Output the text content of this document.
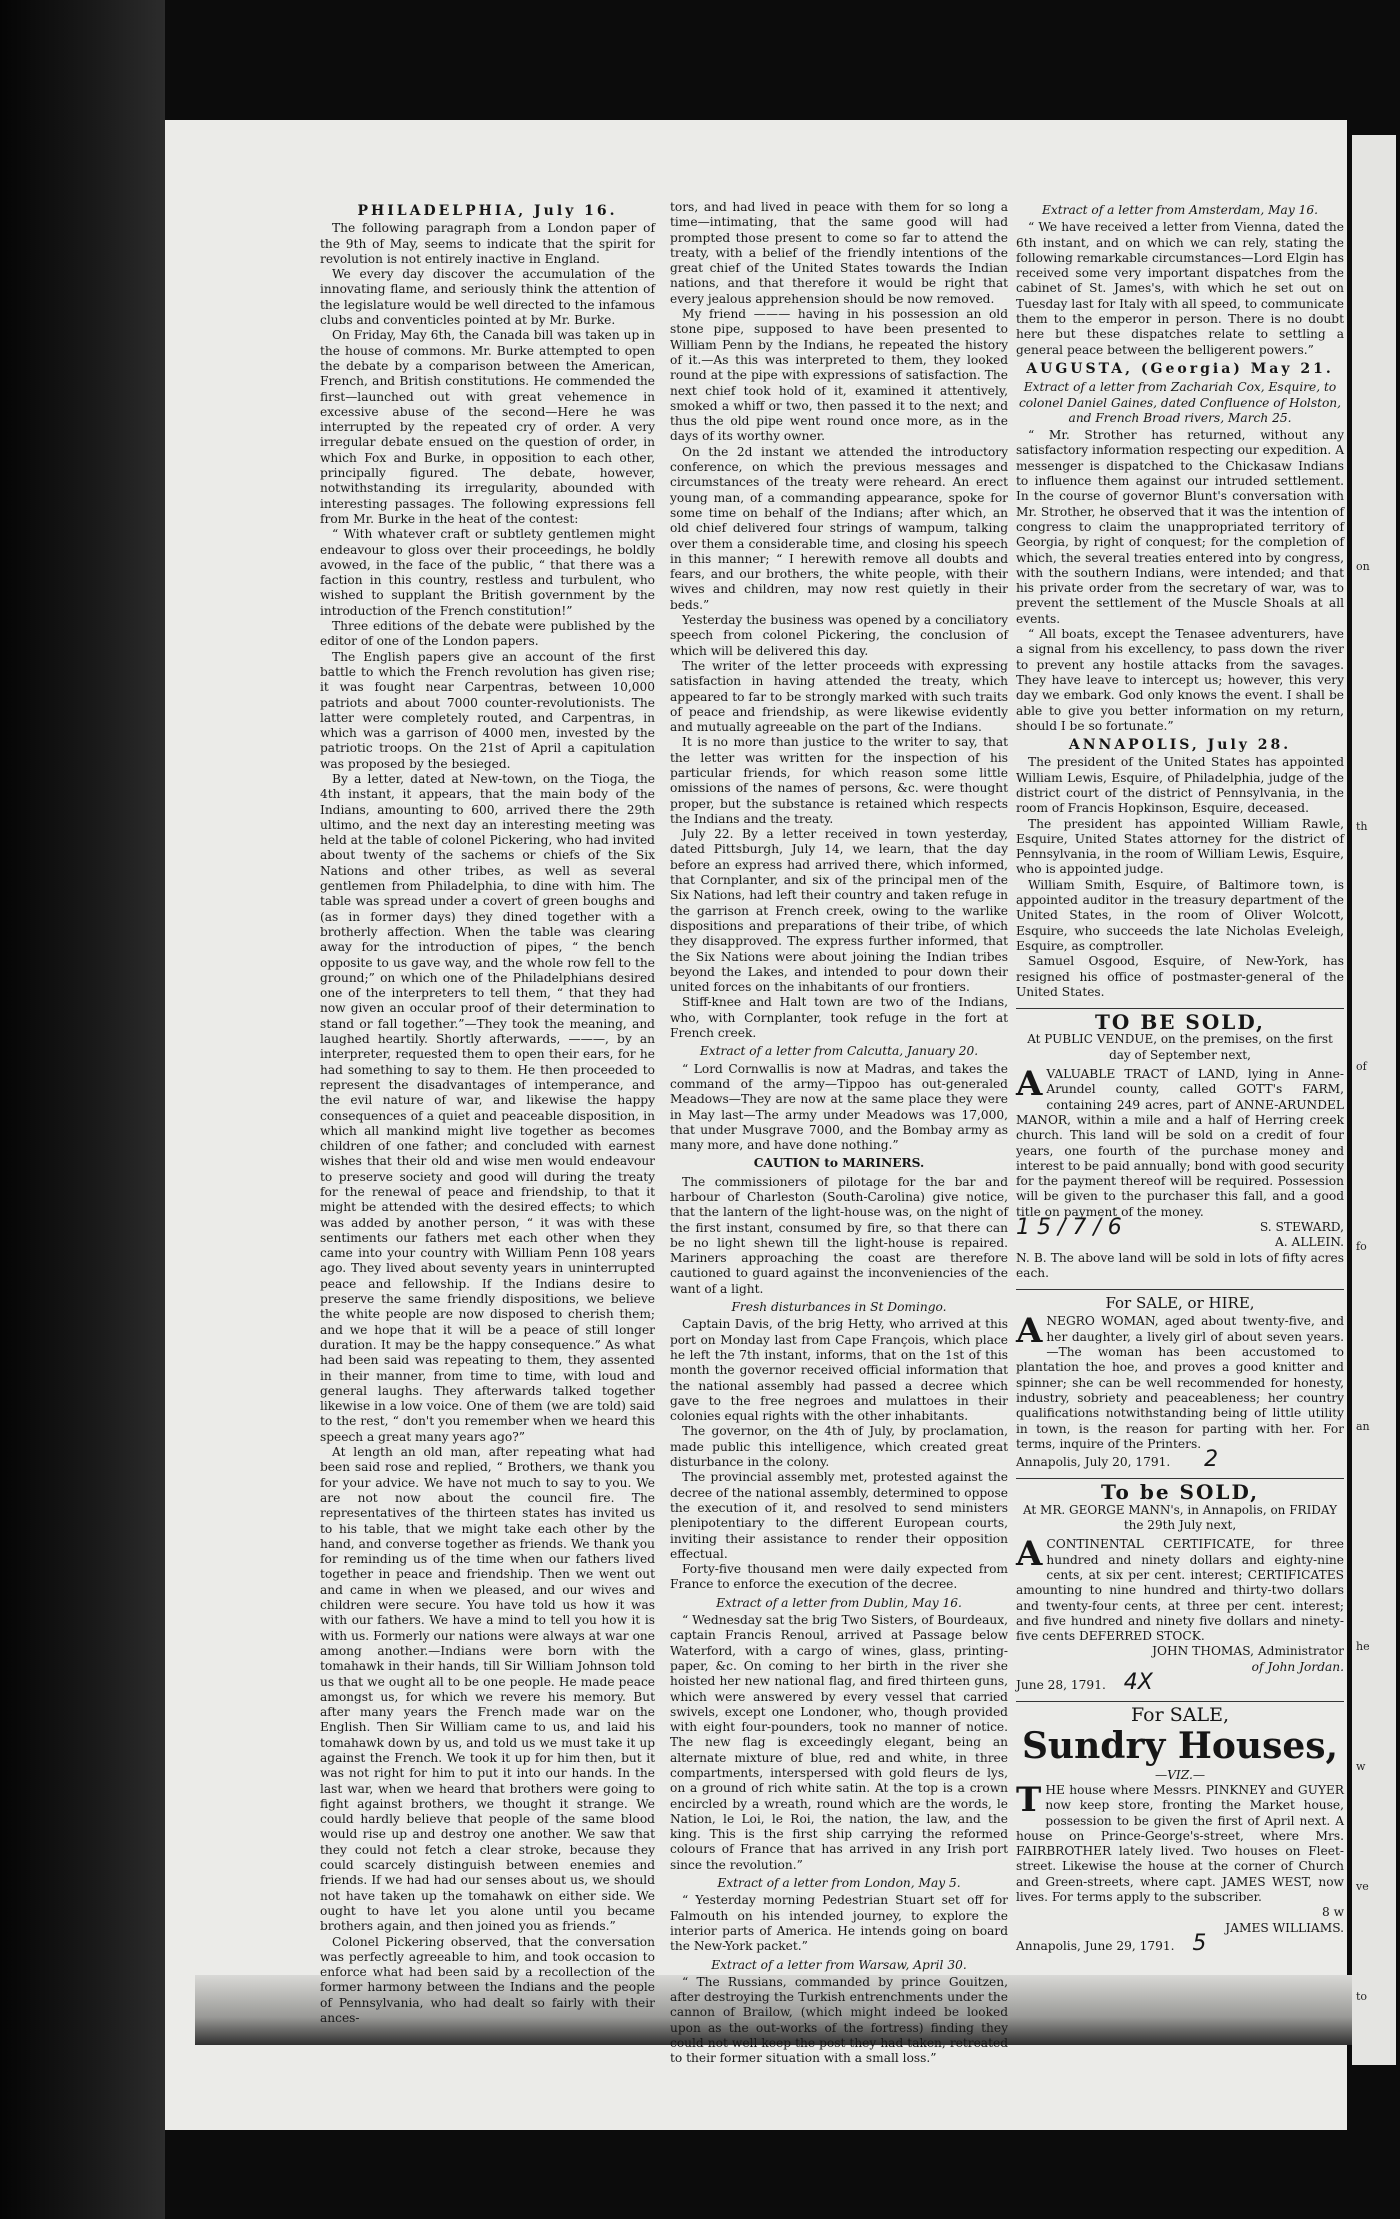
on
th
of
fo
an
he
w
ve
to
PHILADELPHIA, July 16.

The following paragraph from a London paper of the 9th of May, seems to indicate that the spirit for revolution is not entirely inactive in England.

We every day discover the accumulation of the innovating flame, and seriously think the attention of the legislature would be well directed to the infamous clubs and conventicles pointed at by Mr. Burke.

On Friday, May 6th, the Canada bill was taken up in the house of commons. Mr. Burke attempted to open the debate by a comparison between the American, French, and British constitutions. He commended the first—launched out with great vehemence in excessive abuse of the second—Here he was interrupted by the repeated cry of order. A very irregular debate ensued on the question of order, in which Fox and Burke, in opposition to each other, principally figured. The debate, however, notwithstanding its irregularity, abounded with interesting passages. The following expressions fell from Mr. Burke in the heat of the contest:

“ With whatever craft or subtlety gentlemen might endeavour to gloss over their proceedings, he boldly avowed, in the face of the public, “ that there was a faction in this country, restless and turbulent, who wished to supplant the British government by the introduction of the French constitution!”

Three editions of the debate were published by the editor of one of the London papers.

The English papers give an account of the first battle to which the French revolution has given rise; it was fought near Carpentras, between 10,000 patriots and about 7000 counter-revolutionists. The latter were completely routed, and Carpentras, in which was a garrison of 4000 men, invested by the patriotic troops. On the 21st of April a capitulation was proposed by the besieged.

By a letter, dated at New-town, on the Tioga, the 4th instant, it appears, that the main body of the Indians, amounting to 600, arrived there the 29th ultimo, and the next day an interesting meeting was held at the table of colonel Pickering, who had invited about twenty of the sachems or chiefs of the Six Nations and other tribes, as well as several gentlemen from Philadelphia, to dine with him. The table was spread under a covert of green boughs and (as in former days) they dined together with a brotherly affection. When the table was clearing away for the introduction of pipes, “ the bench opposite to us gave way, and the whole row fell to the ground;” on which one of the Philadelphians desired one of the interpreters to tell them, “ that they had now given an occular proof of their determination to stand or fall together.”—They took the meaning, and laughed heartily. Shortly afterwards, ———, by an interpreter, requested them to open their ears, for he had something to say to them. He then proceeded to represent the disadvantages of intemperance, and the evil nature of war, and likewise the happy consequences of a quiet and peaceable disposition, in which all mankind might live together as becomes children of one father; and concluded with earnest wishes that their old and wise men would endeavour to preserve society and good will during the treaty for the renewal of peace and friendship, to that it might be attended with the desired effects; to which was added by another person, “ it was with these sentiments our fathers met each other when they came into your country with William Penn 108 years ago. They lived about seventy years in uninterrupted peace and fellowship. If the Indians desire to preserve the same friendly dispositions, we believe the white people are now disposed to cherish them; and we hope that it will be a peace of still longer duration. It may be the happy consequence.” As what had been said was repeating to them, they assented in their manner, from time to time, with loud and general laughs. They afterwards talked together likewise in a low voice. One of them (we are told) said to the rest, “ don't you remember when we heard this speech a great many years ago?”

At length an old man, after repeating what had been said rose and replied, “ Brothers, we thank you for your advice. We have not much to say to you. We are not now about the council fire. The representatives of the thirteen states has invited us to his table, that we might take each other by the hand, and converse together as friends. We thank you for reminding us of the time when our fathers lived together in peace and friendship. Then we went out and came in when we pleased, and our wives and children were secure. You have told us how it was with our fathers. We have a mind to tell you how it is with us. Formerly our nations were always at war one among another.—Indians were born with the tomahawk in their hands, till Sir William Johnson told us that we ought all to be one people. He made peace amongst us, for which we revere his memory. But after many years the French made war on the English. Then Sir William came to us, and laid his tomahawk down by us, and told us we must take it up against the French. We took it up for him then, but it was not right for him to put it into our hands. In the last war, when we heard that brothers were going to fight against brothers, we thought it strange. We could hardly believe that people of the same blood would rise up and destroy one another. We saw that they could not fetch a clear stroke, because they could scarcely distinguish between enemies and friends. If we had had our senses about us, we should not have taken up the tomahawk on either side. We ought to have let you alone until you became brothers again, and then joined you as friends.”

Colonel Pickering observed, that the conversation was perfectly agreeable to him, and took occasion to enforce what had been said by a recollection of the former harmony between the Indians and the people of Pennsylvania, who had dealt so fairly with their ances-

tors, and had lived in peace with them for so long a time—intimating, that the same good will had prompted those present to come so far to attend the treaty, with a belief of the friendly intentions of the great chief of the United States towards the Indian nations, and that therefore it would be right that every jealous apprehension should be now removed.

My friend ——— having in his possession an old stone pipe, supposed to have been presented to William Penn by the Indians, he repeated the history of it.—As this was interpreted to them, they looked round at the pipe with expressions of satisfaction. The next chief took hold of it, examined it attentively, smoked a whiff or two, then passed it to the next; and thus the old pipe went round once more, as in the days of its worthy owner.

On the 2d instant we attended the introductory conference, on which the previous messages and circumstances of the treaty were reheard. An erect young man, of a commanding appearance, spoke for some time on behalf of the Indians; after which, an old chief delivered four strings of wampum, talking over them a considerable time, and closing his speech in this manner; “ I herewith remove all doubts and fears, and our brothers, the white people, with their wives and children, may now rest quietly in their beds.”

Yesterday the business was opened by a conciliatory speech from colonel Pickering, the conclusion of which will be delivered this day.

The writer of the letter proceeds with expressing satisfaction in having attended the treaty, which appeared to far to be strongly marked with such traits of peace and friendship, as were likewise evidently and mutually agreeable on the part of the Indians.

It is no more than justice to the writer to say, that the letter was written for the inspection of his particular friends, for which reason some little omissions of the names of persons, &c. were thought proper, but the substance is retained which respects the Indians and the treaty.

July 22. By a letter received in town yesterday, dated Pittsburgh, July 14, we learn, that the day before an express had arrived there, which informed, that Cornplanter, and six of the principal men of the Six Nations, had left their country and taken refuge in the garrison at French creek, owing to the warlike dispositions and preparations of their tribe, of which they disapproved. The express further informed, that the Six Nations were about joining the Indian tribes beyond the Lakes, and intended to pour down their united forces on the inhabitants of our frontiers.

Stiff-knee and Halt town are two of the Indians, who, with Cornplanter, took refuge in the fort at French creek.

Extract of a letter from Calcutta, January 20.

“ Lord Cornwallis is now at Madras, and takes the command of the army—Tippoo has out-generaled Meadows—They are now at the same place they were in May last—The army under Meadows was 17,000, that under Musgrave 7000, and the Bombay army as many more, and have done nothing.”

CAUTION to MARINERS.

The commissioners of pilotage for the bar and harbour of Charleston (South-Carolina) give notice, that the lantern of the light-house was, on the night of the first instant, consumed by fire, so that there can be no light shewn till the light-house is repaired. Mariners approaching the coast are therefore cautioned to guard against the inconveniencies of the want of a light.

Fresh disturbances in St Domingo.

Captain Davis, of the brig Hetty, who arrived at this port on Monday last from Cape François, which place he left the 7th instant, informs, that on the 1st of this month the governor received official information that the national assembly had passed a decree which gave to the free negroes and mulattoes in their colonies equal rights with the other inhabitants.

The governor, on the 4th of July, by proclamation, made public this intelligence, which created great disturbance in the colony.

The provincial assembly met, protested against the decree of the national assembly, determined to oppose the execution of it, and resolved to send ministers plenipotentiary to the different European courts, inviting their assistance to render their opposition effectual.

Forty-five thousand men were daily expected from France to enforce the execution of the decree.

Extract of a letter from Dublin, May 16.

“ Wednesday sat the brig Two Sisters, of Bourdeaux, captain Francis Renoul, arrived at Passage below Waterford, with a cargo of wines, glass, printing-paper, &c. On coming to her birth in the river she hoisted her new national flag, and fired thirteen guns, which were answered by every vessel that carried swivels, except one Londoner, who, though provided with eight four-pounders, took no manner of notice. The new flag is exceedingly elegant, being an alternate mixture of blue, red and white, in three compartments, interspersed with gold fleurs de lys, on a ground of rich white satin. At the top is a crown encircled by a wreath, round which are the words, le Nation, le Loi, le Roi, the nation, the law, and the king. This is the first ship carrying the reformed colours of France that has arrived in any Irish port since the revolution.”

Extract of a letter from London, May 5.

“ Yesterday morning Pedestrian Stuart set off for Falmouth on his intended journey, to explore the interior parts of America. He intends going on board the New-York packet.”

Extract of a letter from Warsaw, April 30.

“ The Russians, commanded by prince Gouitzen, after destroying the Turkish entrenchments under the cannon of Brailow, (which might indeed be looked upon as the out-works of the fortress) finding they could not well keep the post they had taken, retreated to their former situation with a small loss.”

Extract of a letter from Amsterdam, May 16.

“ We have received a letter from Vienna, dated the 6th instant, and on which we can rely, stating the following remarkable circumstances—Lord Elgin has received some very important dispatches from the cabinet of St. James's, with which he set out on Tuesday last for Italy with all speed, to communicate them to the emperor in person. There is no doubt here but these dispatches relate to settling a general peace between the belligerent powers.”

AUGUSTA, (Georgia) May 21.
Extract of a letter from Zachariah Cox, Esquire, to colonel Daniel Gaines, dated Confluence of Holston, and French Broad rivers, March 25.

“ Mr. Strother has returned, without any satisfactory information respecting our expedition. A messenger is dispatched to the Chickasaw Indians to influence them against our intruded settlement. In the course of governor Blunt's conversation with Mr. Strother, he observed that it was the intention of congress to claim the unappropriated territory of Georgia, by right of conquest; for the completion of which, the several treaties entered into by congress, with the southern Indians, were intended; and that his private order from the secretary of war, was to prevent the settlement of the Muscle Shoals at all events.

“ All boats, except the Tenasee adventurers, have a signal from his excellency, to pass down the river to prevent any hostile attacks from the savages. They have leave to intercept us; however, this very day we embark. God only knows the event. I shall be able to give you better information on my return, should I be so fortunate.”

ANNAPOLIS, July 28.

The president of the United States has appointed William Lewis, Esquire, of Philadelphia, judge of the district court of the district of Pennsylvania, in the room of Francis Hopkinson, Esquire, deceased.

The president has appointed William Rawle, Esquire, United States attorney for the district of Pennsylvania, in the room of William Lewis, Esquire, who is appointed judge.

William Smith, Esquire, of Baltimore town, is appointed auditor in the treasury department of the United States, in the room of Oliver Wolcott, Esquire, who succeeds the late Nicholas Eveleigh, Esquire, as comptroller.

Samuel Osgood, Esquire, of New-York, has resigned his office of postmaster-general of the United States.

TO BE SOLD,
At PUBLIC VENDUE, on the premises, on the first day of September next,
A VALUABLE TRACT of LAND, lying in Anne-Arundel county, called GOTT's FARM, containing 249 acres, part of ANNE-ARUNDEL MANOR, within a mile and a half of Herring creek church. This land will be sold on a credit of four years, one fourth of the purchase money and interest to be paid annually; bond with good security for the payment thereof will be required. Possession will be given to the purchaser this fall, and a good title on payment of the money.
1 5 / 7 / 6	S. STEWARD,
A. ALLEIN.
N. B. The above land will be sold in lots of fifty acres each.
For SALE, or HIRE,
A NEGRO WOMAN, aged about twenty-five, and her daughter, a lively girl of about seven years.—The woman has been accustomed to plantation the hoe, and proves a good knitter and spinner; she can be well recommended for honesty, industry, sobriety and peaceableness; her country qualifications notwithstanding being of little utility in town, is the reason for parting with her. For terms, inquire of the Printers.
Annapolis, July 20, 1791. 2
To be SOLD,
At MR. GEORGE MANN's, in Annapolis, on FRIDAY the 29th July next,
A CONTINENTAL CERTIFICATE, for three hundred and ninety dollars and eighty-nine cents, at six per cent. interest; CERTIFICATES amounting to nine hundred and thirty-two dollars and twenty-four cents, at three per cent. interest; and five hundred and ninety five dollars and ninety-five cents DEFERRED STOCK.
JOHN THOMAS, Administrator
of John Jordan.
June 28, 1791. 4X
For SALE,
Sundry Houses,
—VIZ.—
T HE house where Messrs. PINKNEY and GUYER now keep store, fronting the Market house, possession to be given the first of April next. A house on Prince-George's-street, where Mrs. FAIRBROTHER lately lived. Two houses on Fleet-street. Likewise the house at the corner of Church and Green-streets, where capt. JAMES WEST, now lives. For terms apply to the subscriber.
8 w
JAMES WILLIAMS.
Annapolis, June 29, 1791. 5
